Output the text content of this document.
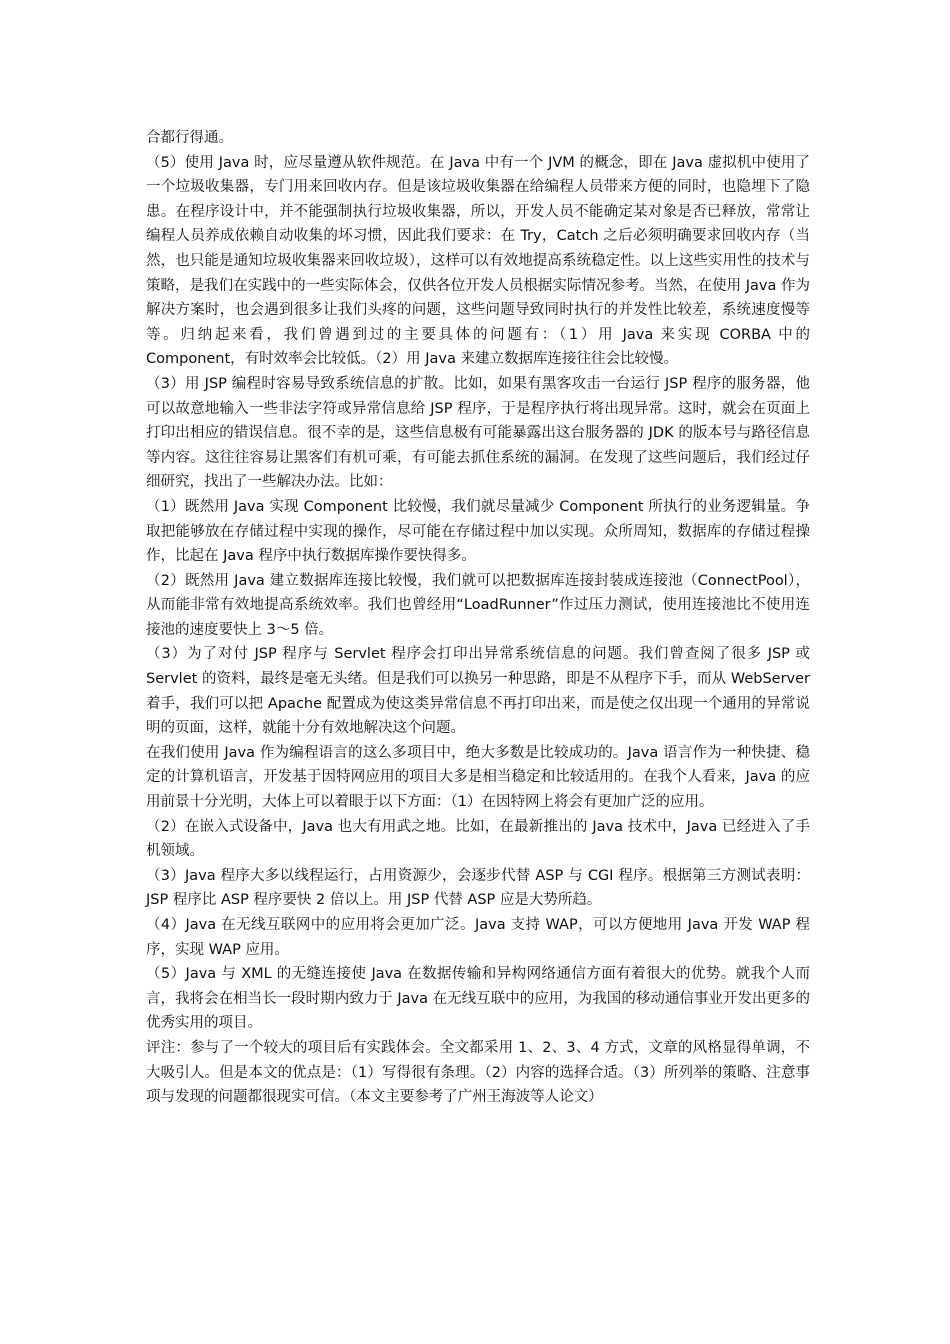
合都行得通。

（5）使用 Java 时，应尽量遵从软件规范。在 Java 中有一个 JVM 的概念，即在 Java 虚拟机中使用了一个垃圾收集器，专门用来回收内存。但是该垃圾收集器在给编程人员带来方便的同时，也隐埋下了隐患。在程序设计中，并不能强制执行垃圾收集器，所以，开发人员不能确定某对象是否已释放，常常让编程人员养成依赖自动收集的坏习惯，因此我们要求：在 Try，Catch 之后必须明确要求回收内存（当然，也只能是通知垃圾收集器来回收垃圾），这样可以有效地提高系统稳定性。以上这些实用性的技术与策略，是我们在实践中的一些实际体会，仅供各位开发人员根据实际情况参考。当然，在使用 Java 作为解决方案时，也会遇到很多让我们头疼的问题，这些问题导致同时执行的并发性比较差，系统速度慢等等。归纳起来看，我们曾遇到过的主要具体的问题有：（1）用 Java 来实现 CORBA 中的 Component，有时效率会比较低。（2）用 Java 来建立数据库连接往往会比较慢。

（3）用 JSP 编程时容易导致系统信息的扩散。比如，如果有黑客攻击一台运行 JSP 程序的服务器，他可以故意地输入一些非法字符或异常信息给 JSP 程序，于是程序执行将出现异常。这时，就会在页面上打印出相应的错误信息。很不幸的是，这些信息极有可能暴露出这台服务器的 JDK 的版本号与路径信息等内容。这往往容易让黑客们有机可乘，有可能去抓住系统的漏洞。在发现了这些问题后，我们经过仔细研究，找出了一些解决办法。比如：

（1）既然用 Java 实现 Component 比较慢，我们就尽量减少 Component 所执行的业务逻辑量。争取把能够放在存储过程中实现的操作，尽可能在存储过程中加以实现。众所周知，数据库的存储过程操作，比起在 Java 程序中执行数据库操作要快得多。

（2）既然用 Java 建立数据库连接比较慢，我们就可以把数据库连接封装成连接池（ConnectPool），从而能非常有效地提高系统效率。我们也曾经用“LoadRunner”作过压力测试，使用连接池比不使用连接池的速度要快上 3～5 倍。

（3）为了对付 JSP 程序与 Servlet 程序会打印出异常系统信息的问题。我们曾查阅了很多 JSP 或 Servlet 的资料，最终是毫无头绪。但是我们可以换另一种思路，即是不从程序下手，而从 WebServer 着手，我们可以把 Apache 配置成为使这类异常信息不再打印出来，而是使之仅出现一个通用的异常说明的页面，这样，就能十分有效地解决这个问题。

在我们使用 Java 作为编程语言的这么多项目中，绝大多数是比较成功的。Java 语言作为一种快捷、稳定的计算机语言，开发基于因特网应用的项目大多是相当稳定和比较适用的。在我个人看来，Java 的应用前景十分光明，大体上可以着眼于以下方面：（1）在因特网上将会有更加广泛的应用。

（2）在嵌入式设备中，Java 也大有用武之地。比如，在最新推出的 Java 技术中，Java 已经进入了手机领域。

（3）Java 程序大多以线程运行，占用资源少，会逐步代替 ASP 与 CGI 程序。根据第三方测试表明：JSP 程序比 ASP 程序要快 2 倍以上。用 JSP 代替 ASP 应是大势所趋。

（4）Java 在无线互联网中的应用将会更加广泛。Java 支持 WAP，可以方便地用 Java 开发 WAP 程序，实现 WAP 应用。

（5）Java 与 XML 的无缝连接使 Java 在数据传输和异构网络通信方面有着很大的优势。就我个人而言，我将会在相当长一段时期内致力于 Java 在无线互联中的应用，为我国的移动通信事业开发出更多的优秀实用的项目。

评注：参与了一个较大的项目后有实践体会。全文都采用 1、2、3、4 方式，文章的风格显得单调，不大吸引人。但是本文的优点是：（1）写得很有条理。（2）内容的选择合适。（3）所列举的策略、注意事项与发现的问题都很现实可信。（本文主要参考了广州王海波等人论文）
